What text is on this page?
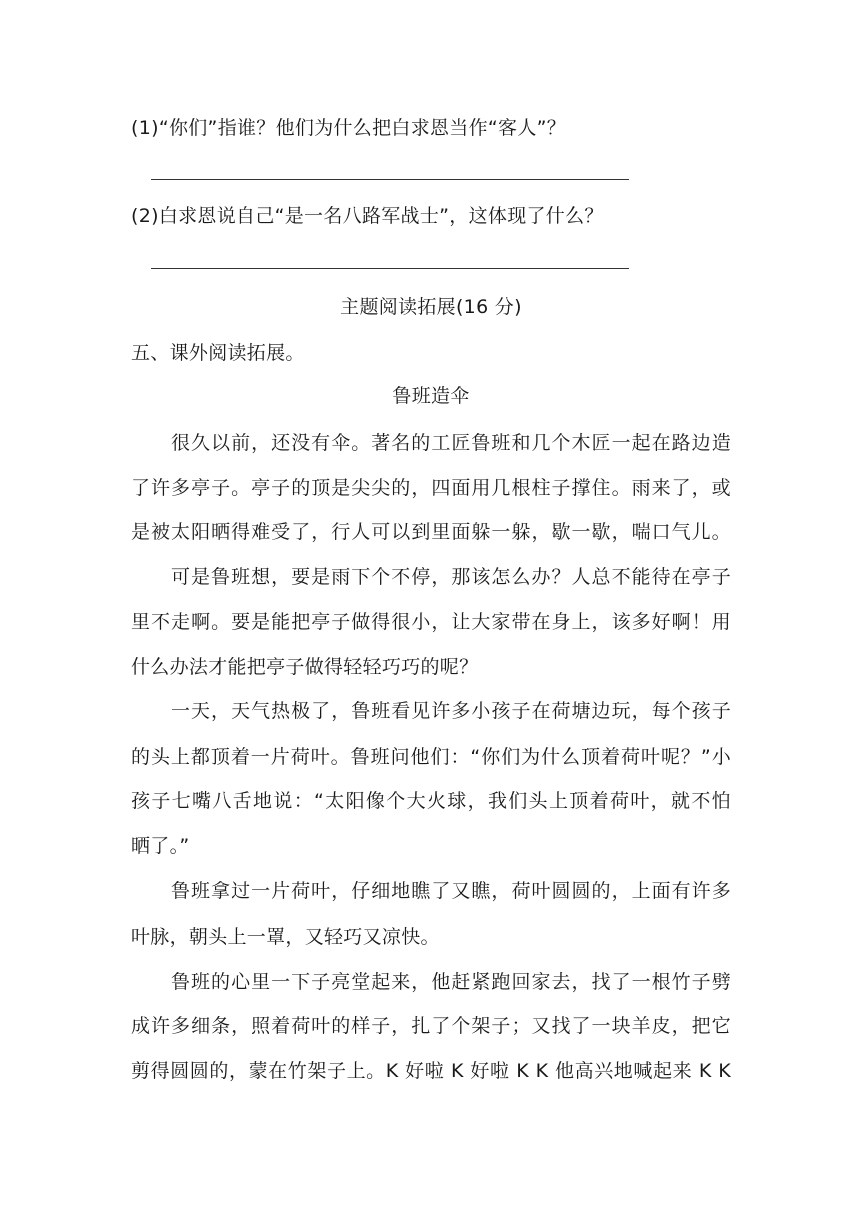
(1)“你们”指谁？他们为什么把白求恩当作“客人”？
(2)白求恩说自己“是一名八路军战士”，这体现了什么？
主题阅读拓展(16 分)
五、课外阅读拓展。
鲁班造伞
很久以前，还没有伞。著名的工匠鲁班和几个木匠一起在路边造
了许多亭子。亭子的顶是尖尖的，四面用几根柱子撑住。雨来了，或
是被太阳晒得难受了，行人可以到里面躲一躲，歇一歇，喘口气儿。
可是鲁班想，要是雨下个不停，那该怎么办？人总不能待在亭子
里不走啊。要是能把亭子做得很小，让大家带在身上，该多好啊！用
什么办法才能把亭子做得轻轻巧巧的呢？
一天，天气热极了，鲁班看见许多小孩子在荷塘边玩，每个孩子
的头上都顶着一片荷叶。鲁班问他们：“你们为什么顶着荷叶呢？”小
孩子七嘴八舌地说：“太阳像个大火球，我们头上顶着荷叶，就不怕
晒了。”
鲁班拿过一片荷叶，仔细地瞧了又瞧，荷叶圆圆的，上面有许多
叶脉，朝头上一罩，又轻巧又凉快。
鲁班的心里一下子亮堂起来，他赶紧跑回家去，找了一根竹子劈
成许多细条，照着荷叶的样子，扎了个架子；又找了一块羊皮，把它
剪得圆圆的，蒙在竹架子上。K 好啦 K 好啦 K K 他高兴地喊起来 K K
